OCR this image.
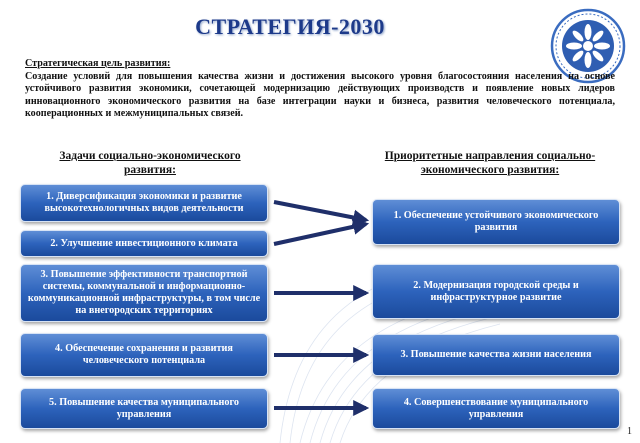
СТРАТЕГИЯ-2030
Стратегическая цель развития:
Создание условий для повышения качества жизни и достижения высокого уровня благосостояния населения на основе устойчивого развития экономики, сочетающей модернизацию действующих производств и появление новых лидеров инновационного экономического развития на базе интеграции науки и бизнеса, развития человеческого потенциала, кооперационных и межмуниципальных связей.
Задачи социально-экономического развития:
Приоритетные направления социально-экономического развития:
1. Диверсификация экономики и развитие высокотехнологичных видов деятельности
2. Улучшение инвестиционного климата
3. Повышение эффективности транспортной системы, коммунальной и информационно-коммуникационной инфраструктуры, в том числе на внегородских территориях
4. Обеспечение сохранения и развития человеческого потенциала
5. Повышение качества муниципального управления
1. Обеспечение устойчивого экономического развития
2. Модернизация городской среды и инфраструктурное развитие
3. Повышение качества жизни населения
4. Совершенствование муниципального управления
1
